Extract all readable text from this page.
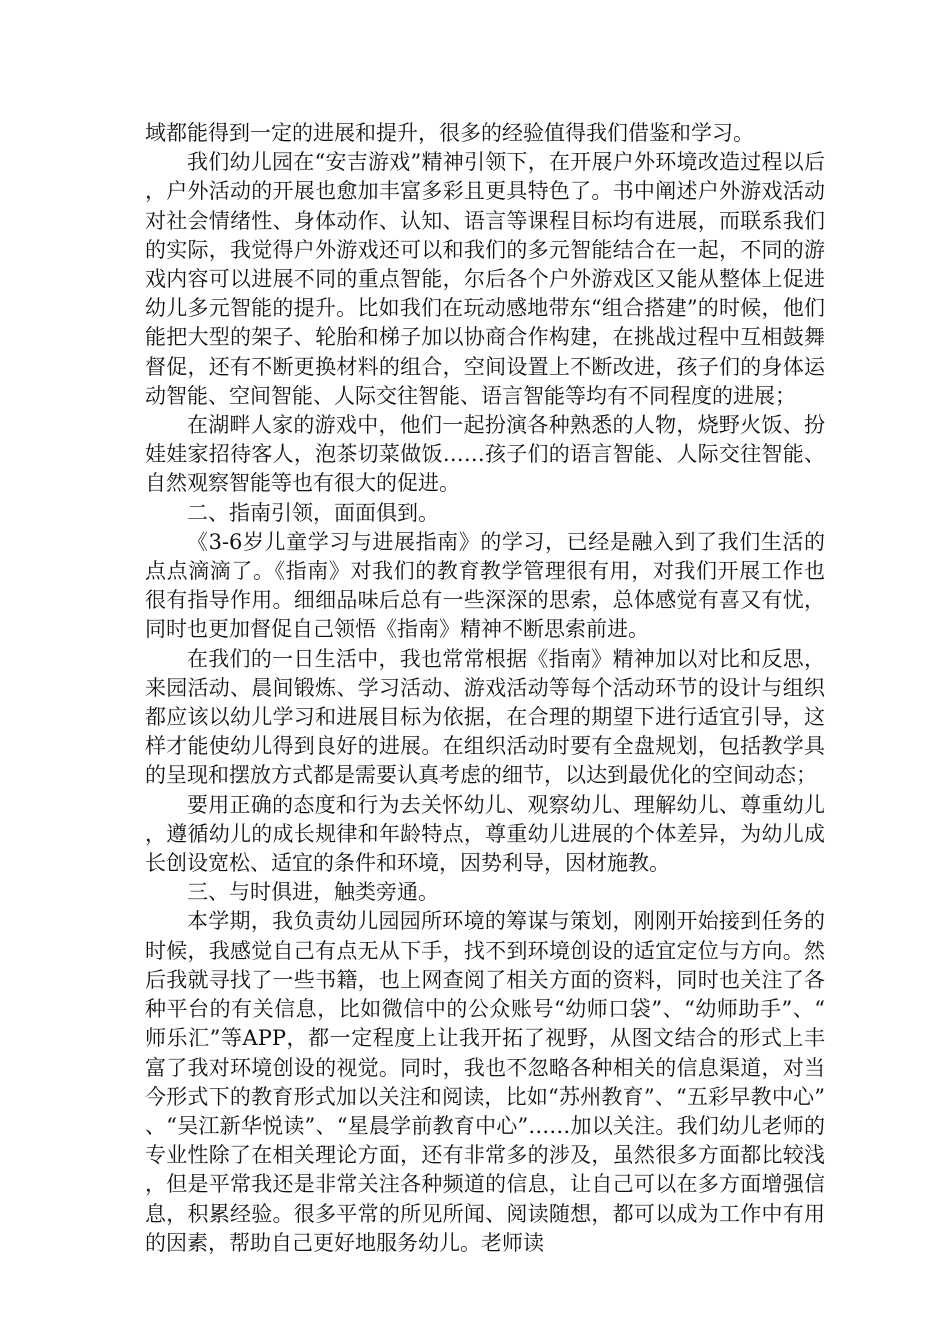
域都能得到一定的进展和提升，很多的经验值得我们借鉴和学习。

我们幼儿园在“安吉游戏”精神引领下，在开展户外环境改造过程以后，户外活动的开展也愈加丰富多彩且更具特色了。书中阐述户外游戏活动对社会情绪性、身体动作、认知、语言等课程目标均有进展，而联系我们的实际，我觉得户外游戏还可以和我们的多元智能结合在一起，不同的游戏内容可以进展不同的重点智能，尔后各个户外游戏区又能从整体上促进幼儿多元智能的提升。比如我们在玩动感地带东“组合搭建”的时候，他们能把大型的架子、轮胎和梯子加以协商合作构建，在挑战过程中互相鼓舞督促，还有不断更换材料的组合，空间设置上不断改进，孩子们的身体运动智能、空间智能、人际交往智能、语言智能等均有不同程度的进展；

在湖畔人家的游戏中，他们一起扮演各种熟悉的人物，烧野火饭、扮娃娃家招待客人，泡茶切菜做饭……孩子们的语言智能、人际交往智能、自然观察智能等也有很大的促进。

二、指南引领，面面俱到。

《3-6岁儿童学习与进展指南》的学习，已经是融入到了我们生活的点点滴滴了。《指南》对我们的教育教学管理很有用，对我们开展工作也很有指导作用。细细品味后总有一些深深的思索，总体感觉有喜又有忧，同时也更加督促自己领悟《指南》精神不断思索前进。

在我们的一日生活中，我也常常根据《指南》精神加以对比和反思，来园活动、晨间锻炼、学习活动、游戏活动等每个活动环节的设计与组织都应该以幼儿学习和进展目标为依据，在合理的期望下进行适宜引导，这样才能使幼儿得到良好的进展。在组织活动时要有全盘规划，包括教学具的呈现和摆放方式都是需要认真考虑的细节，以达到最优化的空间动态；

要用正确的态度和行为去关怀幼儿、观察幼儿、理解幼儿、尊重幼儿，遵循幼儿的成长规律和年龄特点，尊重幼儿进展的个体差异，为幼儿成长创设宽松、适宜的条件和环境，因势利导，因材施教。

三、与时俱进，触类旁通。

本学期，我负责幼儿园园所环境的筹谋与策划，刚刚开始接到任务的时候，我感觉自己有点无从下手，找不到环境创设的适宜定位与方向。然后我就寻找了一些书籍，也上网查阅了相关方面的资料，同时也关注了各种平台的有关信息，比如微信中的公众账号“幼师口袋”、“幼师助手”、“师乐汇”等APP，都一定程度上让我开拓了视野，从图文结合的形式上丰富了我对环境创设的视觉。同时，我也不忽略各种相关的信息渠道，对当今形式下的教育形式加以关注和阅读，比如“苏州教育”、“五彩早教中心”、“吴江新华悦读”、“星晨学前教育中心”……加以关注。我们幼儿老师的专业性除了在相关理论方面，还有非常多的涉及，虽然很多方面都比较浅，但是平常我还是非常关注各种频道的信息，让自己可以在多方面增强信息，积累经验。很多平常的所见所闻、阅读随想，都可以成为工作中有用的因素，帮助自己更好地服务幼儿。老师读
